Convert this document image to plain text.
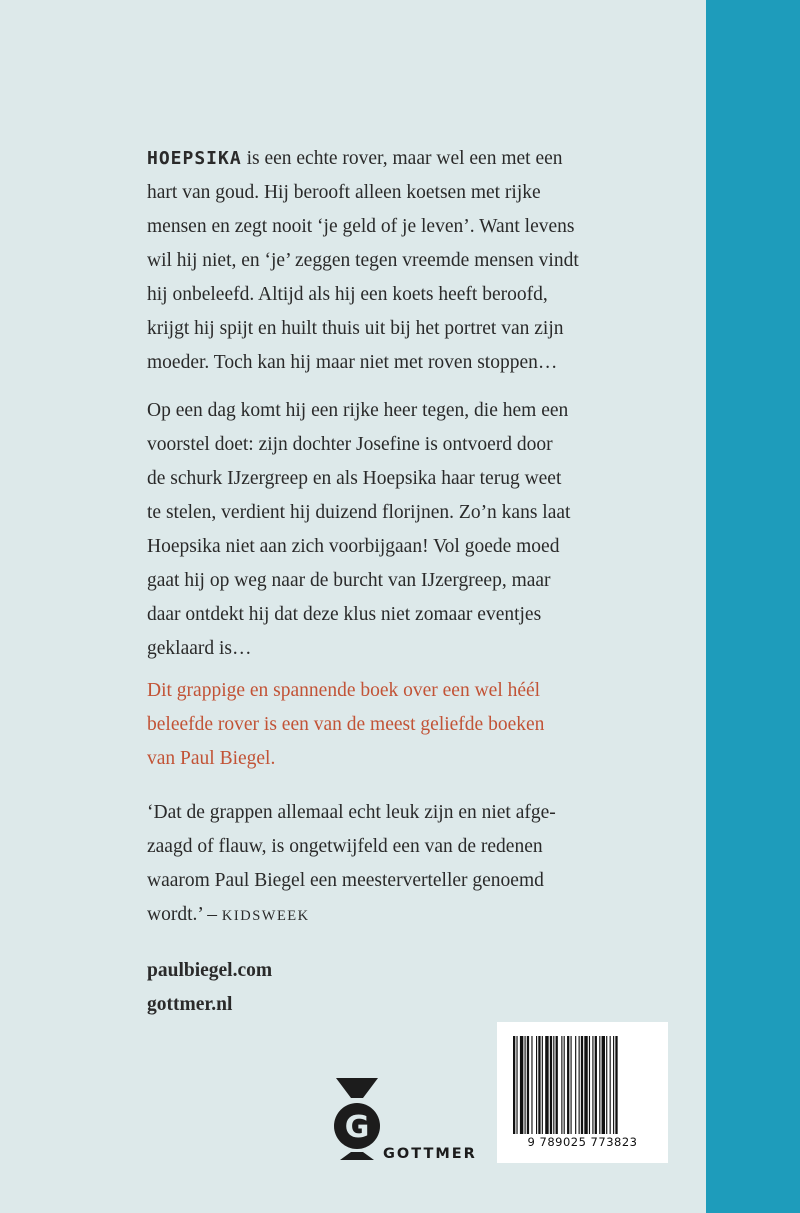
HOEPSIKA is een echte rover, maar wel een met een
hart van goud. Hij berooft alleen koetsen met rijke
mensen en zegt nooit ‘je geld of je leven’. Want levens
wil hij niet, en ‘je’ zeggen tegen vreemde mensen vindt
hij onbeleefd. Altijd als hij een koets heeft beroofd,
krijgt hij spijt en huilt thuis uit bij het portret van zijn
moeder. Toch kan hij maar niet met roven stoppen…

Op een dag komt hij een rijke heer tegen, die hem een
voorstel doet: zijn dochter Josefine is ontvoerd door
de schurk IJzergreep en als Hoepsika haar terug weet
te stelen, verdient hij duizend florijnen. Zo’n kans laat
Hoepsika niet aan zich voorbijgaan! Vol goede moed
gaat hij op weg naar de burcht van IJzergreep, maar
daar ontdekt hij dat deze klus niet zomaar eventjes
geklaard is…

Dit grappige en spannende boek over een wel héél
beleefde rover is een van de meest geliefde boeken
van Paul Biegel.

‘Dat de grappen allemaal echt leuk zijn en niet afge-
zaagd of flauw, is ongetwijfeld een van de redenen
waarom Paul Biegel een meesterverteller genoemd
wordt.’ – KIDSWEEK

paulbiegel.com
gottmer.nl

G
GOTTMER
9 789025 773823
